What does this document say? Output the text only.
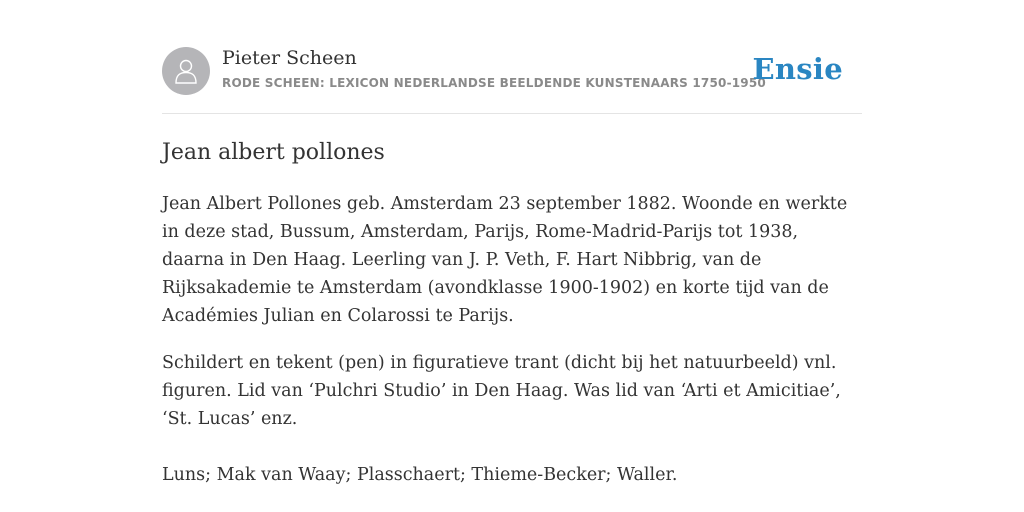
Pieter Scheen
RODE SCHEEN: LEXICON NEDERLANDSE BEELDENDE KUNSTENAARS 1750-1950
Ensie
Jean albert pollones

Jean Albert Pollones geb. Amsterdam 23 september 1882. Woonde en werkte in deze stad, Bussum, Amsterdam, Parijs, Rome-Madrid-Parijs tot 1938, daarna in Den Haag. Leerling van J. P. Veth, F. Hart Nibbrig, van de Rijksakademie te Amsterdam (avondklasse 1900-1902) en korte tijd van de Académies Julian en Colarossi te Parijs.

Schildert en tekent (pen) in figuratieve trant (dicht bij het natuurbeeld) vnl. figuren. Lid van ‘Pulchri Studio’ in Den Haag. Was lid van ‘Arti et Amicitiae’, ‘St. Lucas’ enz.

Luns; Mak van Waay; Plasschaert; Thieme-Becker; Waller.
